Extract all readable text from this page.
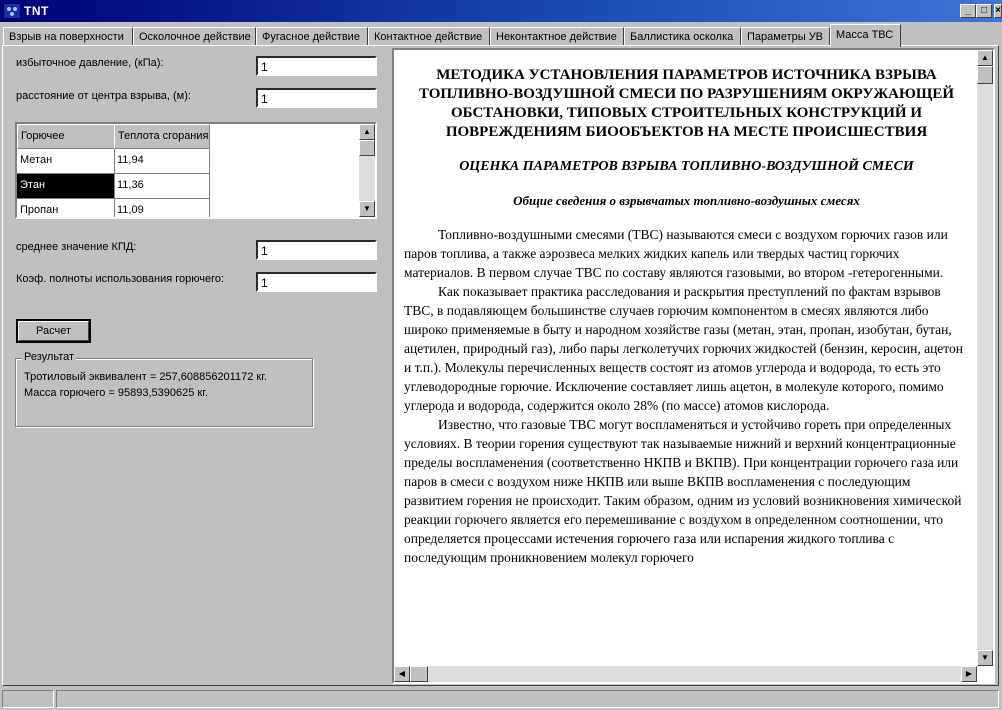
TNT	_	□ ×
Взрыв на поверхности	Осколочное действие	Фугасное действие	Контактное действие	Неконтактное действие	Баллистика осколка	Параметры УВ	Масса ТВС
избыточное давление, (кПа):	1
расстояние от центра взрыва, (м):	1
Горючее	Теплота сгорания
Метан	11,94
Этан	11,36
Пропан	11,09
▲
▼
среднее значение КПД:	1
Коэф. полноты использования горючего:	1
Расчет
Результат
Тротиловый эквивалент = 257,608856201172 кг.
Масса горючего = 95893,5390625 кг.
МЕТОДИКА УСТАНОВЛЕНИЯ ПАРАМЕТРОВ ИСТОЧНИКА ВЗРЫВА ТОПЛИВНО-ВОЗДУШНОЙ СМЕСИ ПО РАЗРУШЕНИЯМ ОКРУЖАЮЩЕЙ ОБСТАНОВКИ, ТИПОВЫХ СТРОИТЕЛЬНЫХ КОНСТРУКЦИЙ И ПОВРЕЖДЕНИЯМ БИООБЪЕКТОВ НА МЕСТЕ ПРОИСШЕСТВИЯ
ОЦЕНКА ПАРАМЕТРОВ ВЗРЫВА ТОПЛИВНО-ВОЗДУШНОЙ СМЕСИ
Общие сведения о взрывчатых топливно-воздушных смесях

Топливно-воздушными смесями (ТВС) называются смеси с воздухом горючих газов или паров топлива, а также аэрозвеса мелких жидких капель или твердых частиц горючих материалов. В первом случае ТВС по составу являются газовыми, во втором -гетерогенными.

Как показывает практика расследования и раскрытия преступлений по фактам взрывов ТВС, в подавляющем большинстве случаев горючим компонентом в смесях являются либо широко применяемые в быту и народном хозяйстве газы (метан, этан, пропан, изобутан, бутан, ацетилен, природный газ), либо пары легколетучих горючих жидкостей (бензин, керосин, ацетон и т.п.). Молекулы перечисленных веществ состоят из атомов углерода и водорода, то есть это углеводородные горючие. Исключение составляет лишь ацетон, в молекуле которого, помимо углерода и водорода, содержится около 28% (по массе) атомов кислорода.

Известно, что газовые ТВС могут воспламеняться и устойчиво гореть при определенных условиях. В теории горения существуют так называемые нижний и верхний концентрационные пределы воспламенения (соответственно НКПВ и ВКПВ). При концентрации горючего газа или паров в смеси с воздухом ниже НКПВ или выше ВКПВ воспламенения с последующим развитием горения не происходит. Таким образом, одним из условий возникновения химической реакции горючего является его перемешивание с воздухом в определенном соотношении, что определяется процессами истечения горючего газа или испарения жидкого топлива с последующим проникновением молекул горючего

▲
▼
◀	▶
